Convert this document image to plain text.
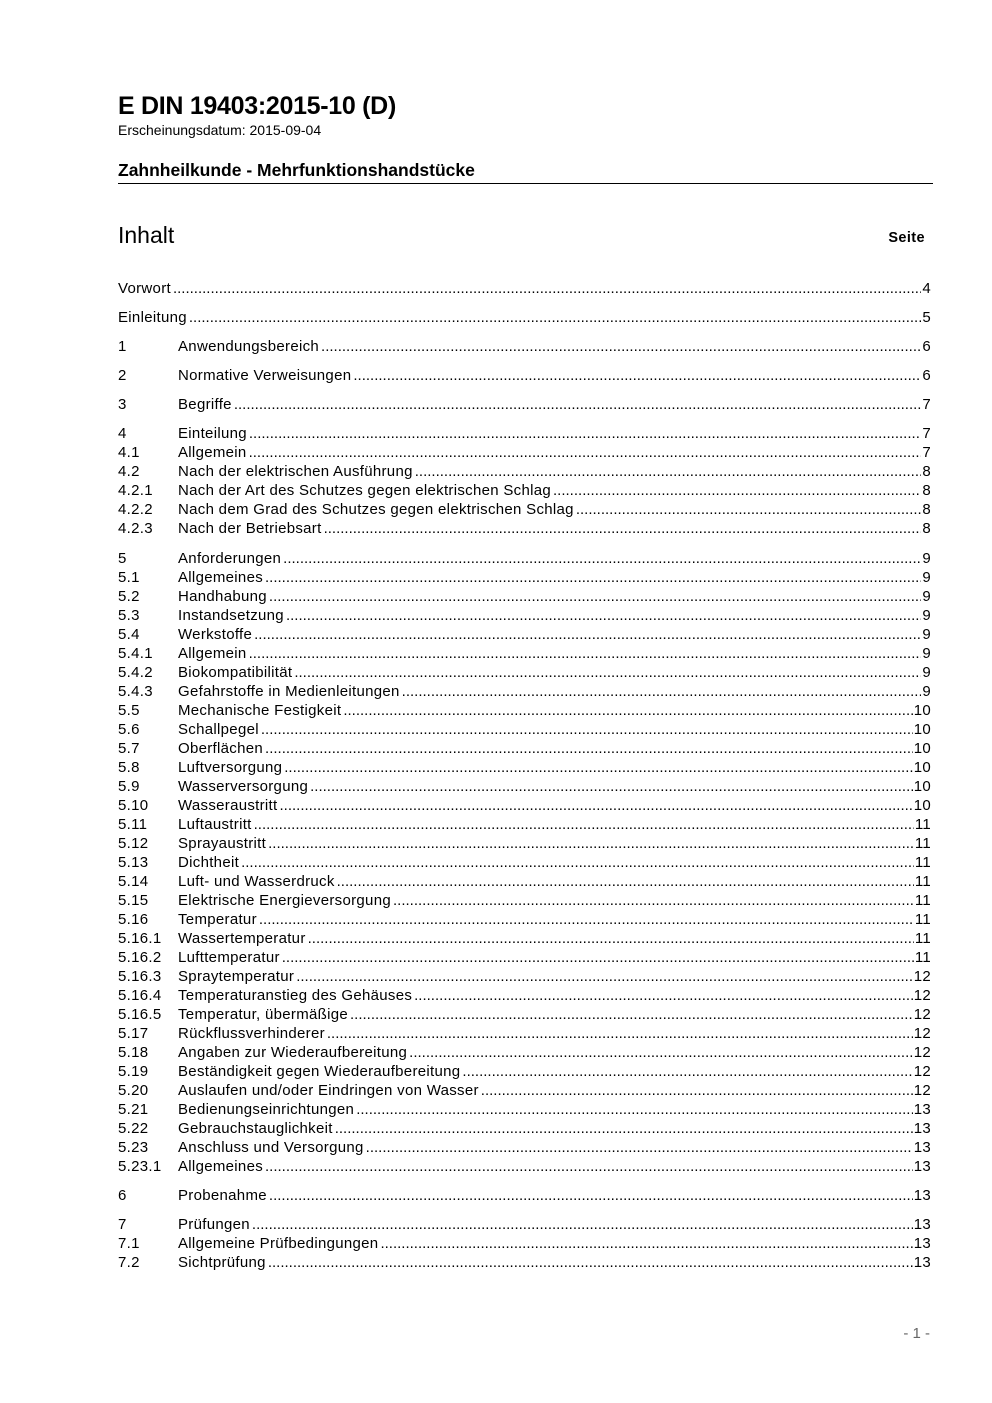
E DIN 19403:2015-10 (D)
Erscheinungsdatum: 2015-09-04
Zahnheilkunde - Mehrfunktionshandstücke
Inhalt	Seite
Vorwort .....	4
Einleitung .....	5
1	Anwendungsbereich .....	6
2	Normative Verweisungen .....	6
3	Begriffe .....	7
4	Einteilung .....	7
4.1	Allgemein .....	7
4.2	Nach der elektrischen Ausführung .....	8
4.2.1	Nach der Art des Schutzes gegen elektrischen Schlag .....	8
4.2.2	Nach dem Grad des Schutzes gegen elektrischen Schlag .....	8
4.2.3	Nach der Betriebsart .....	8
5	Anforderungen .....	9
5.1	Allgemeines .....	9
5.2	Handhabung .....	9
5.3	Instandsetzung .....	9
5.4	Werkstoffe .....	9
5.4.1	Allgemein .....	9
5.4.2	Biokompatibilität .....	9
5.4.3	Gefahrstoffe in Medienleitungen .....	9
5.5	Mechanische Festigkeit .....	10
5.6	Schallpegel .....	10
5.7	Oberflächen .....	10
5.8	Luftversorgung .....	10
5.9	Wasserversorgung .....	10
5.10	Wasseraustritt .....	10
5.11	Luftaustritt .....	11
5.12	Sprayaustritt .....	11
5.13	Dichtheit .....	11
5.14	Luft- und Wasserdruck .....	11
5.15	Elektrische Energieversorgung .....	11
5.16	Temperatur .....	11
5.16.1	Wassertemperatur .....	11
5.16.2	Lufttemperatur .....	11
5.16.3	Spraytemperatur .....	12
5.16.4	Temperaturanstieg des Gehäuses .....	12
5.16.5	Temperatur, übermäßige .....	12
5.17	Rückflussverhinderer .....	12
5.18	Angaben zur Wiederaufbereitung .....	12
5.19	Beständigkeit gegen Wiederaufbereitung .....	12
5.20	Auslaufen und/oder Eindringen von Wasser .....	12
5.21	Bedienungseinrichtungen .....	13
5.22	Gebrauchstauglichkeit .....	13
5.23	Anschluss und Versorgung .....	13
5.23.1	Allgemeines .....	13
6	Probenahme .....	13
7	Prüfungen .....	13
7.1	Allgemeine Prüfbedingungen .....	13
7.2	Sichtprüfung .....	13
- 1 -
